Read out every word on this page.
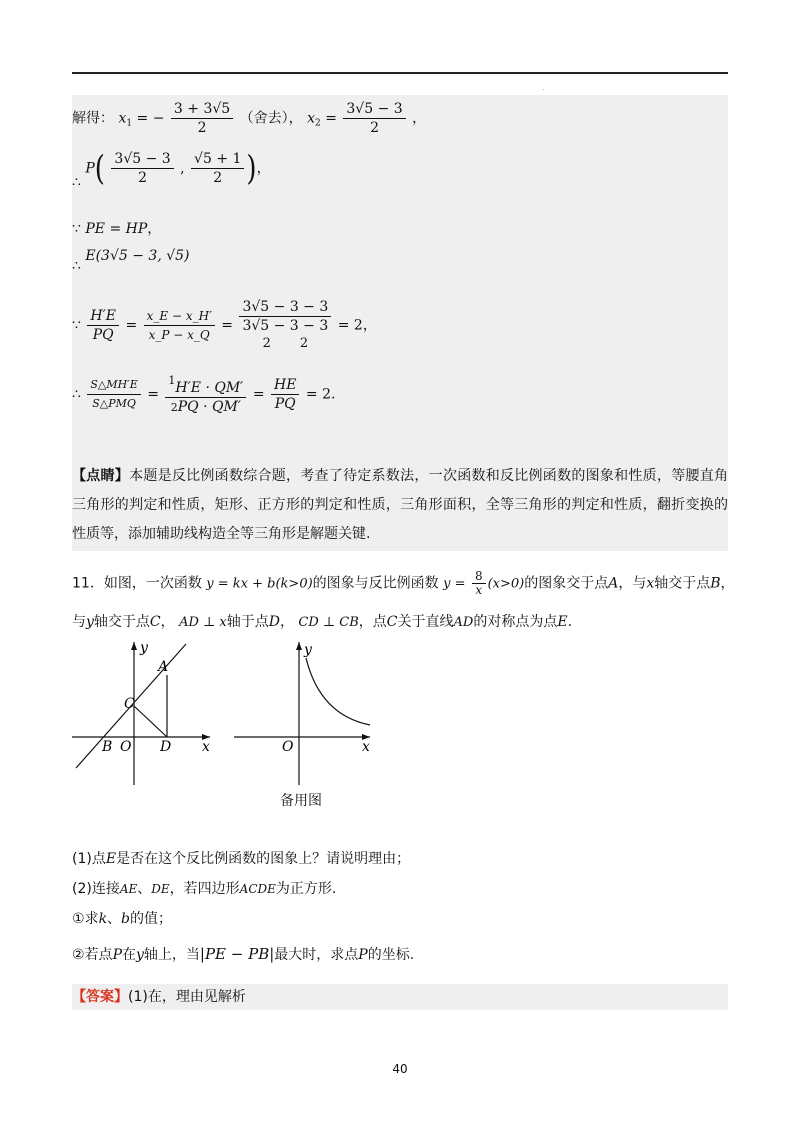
.
解得： $x_1$ = − $\frac{3 + 3√5}{2}$ （舍去）， $x_2 = \frac{3√5 - 3}{2}$ ，
∴ $P( \frac{3√5 - 3}{2}$ , $\frac{√5 + 1}{2}$ )，
∵ PE = HP，
∴ E(3√5 − 3, √5)
∵ $\frac{H'E}{PQ} = \frac{x\_E - x\_H'}{x\_P - x\_Q}$ =
3√5 − 3 − 3
3√5 − 3 − 3
2 2
= 2，
∴ $\frac{S\triangle MH'E}{\text{S△PMQ}} = \frac{^1H'E \cdot QM'}{2PQ \cdot QM'} = \frac{HE}{PQ} = 2$.
【点睛】本题是反比例函数综合题，考查了待定系数法，一次函数和反比例函数的图象和性质，等腰直角三角形的判定和性质，矩形、正方形的判定和性质，三角形面积，全等三角形的判定和性质，翻折变换的性质等，添加辅助线构造全等三角形是解题关键.
11．如图，一次函数 y = kx + b(k>0)的图象与反比例函数 $y = \frac{8}{x} (x>0)$的图象交于点A，与x轴交于点B，
与y轴交于点C， AD ⊥ x轴于点D， CD ⊥ CB，点C关于直线AD的对称点为点E.
y
A
C
B O D x
y
O	x
备用图
(1)点E是否在这个反比例函数的图象上？请说明理由；
(2)连接AE、DE，若四边形ACDE为正方形.
①求k、b的值；
②若点P在y轴上，当|PE − PB|最大时，求点P的坐标.
【答案】(1)在，理由见解析
40
